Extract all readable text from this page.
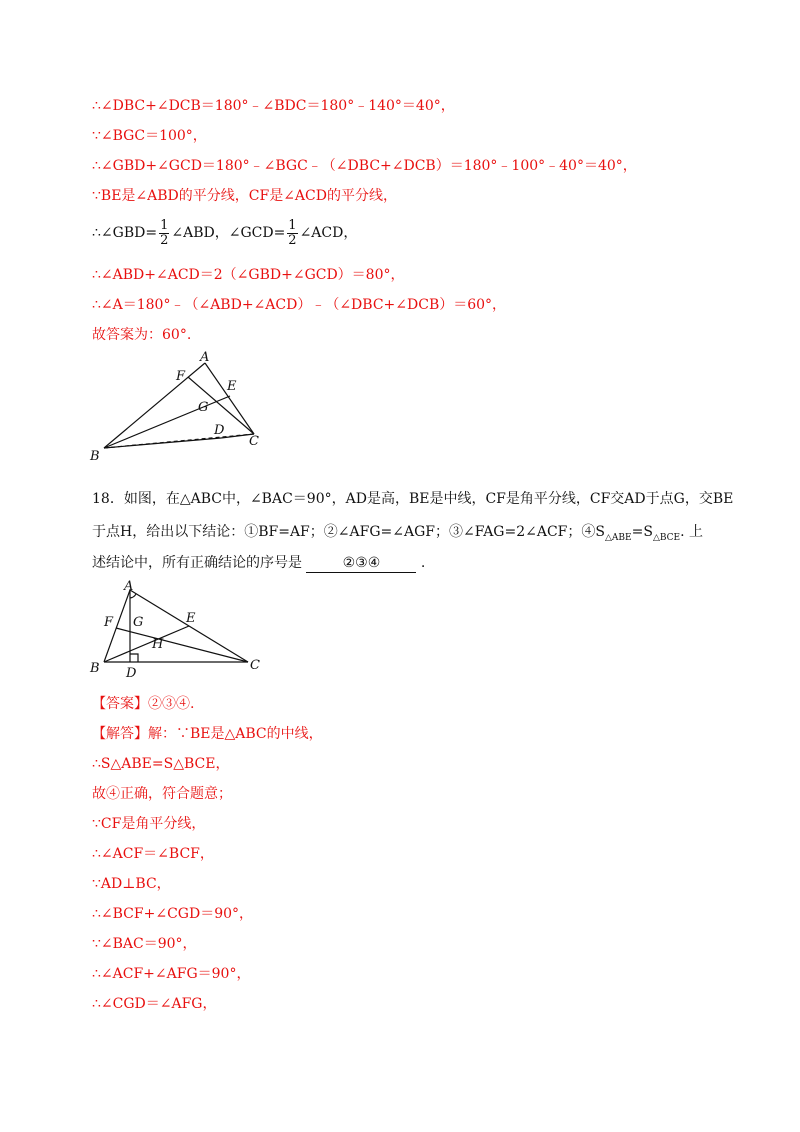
∴∠DBC+∠DCB＝180°﹣∠BDC＝180°﹣140°＝40°，
∵∠BGC＝100°，
∴∠GBD+∠GCD＝180°﹣∠BGC﹣（∠DBC+∠DCB）＝180°﹣100°﹣40°＝40°，
∵BE是∠ABD的平分线，CF是∠ACD的平分线，
∴∠GBD= $\frac{1}{2}$ ∠ABD，∠GCD= $\frac{1}{2}$ ∠ACD，
∴∠ABD+∠ACD＝2（∠GBD+∠GCD）＝80°，
∴∠A＝180°﹣（∠ABD+∠ACD）﹣（∠DBC+∠DCB）＝60°，
故答案为：60°.
A
F
E
G
D
C
B
18．如图，在△ABC中，∠BAC＝90°，AD是高，BE是中线，CF是角平分线，CF交AD于点G，交BE
于点H，给出以下结论：①BF=AF；②∠AFG=∠AGF；③∠FAG=2∠ACF；$④S_{\triangle ABE}=S_{\triangle BCE}$. 上
述结论中，所有正确结论的序号是	②③④	.
A
F G	E
H
B D
C
【答案】②③④.
【解答】解：∵BE是△ABC的中线，
∴S△ABE=S△BCE，
故④正确，符合题意；
∵CF是角平分线，
∴∠ACF＝∠BCF，
∵AD⊥BC，
∴∠BCF+∠CGD＝90°，
∵∠BAC＝90°，
∴∠ACF+∠AFG＝90°，
∴∠CGD＝∠AFG，
